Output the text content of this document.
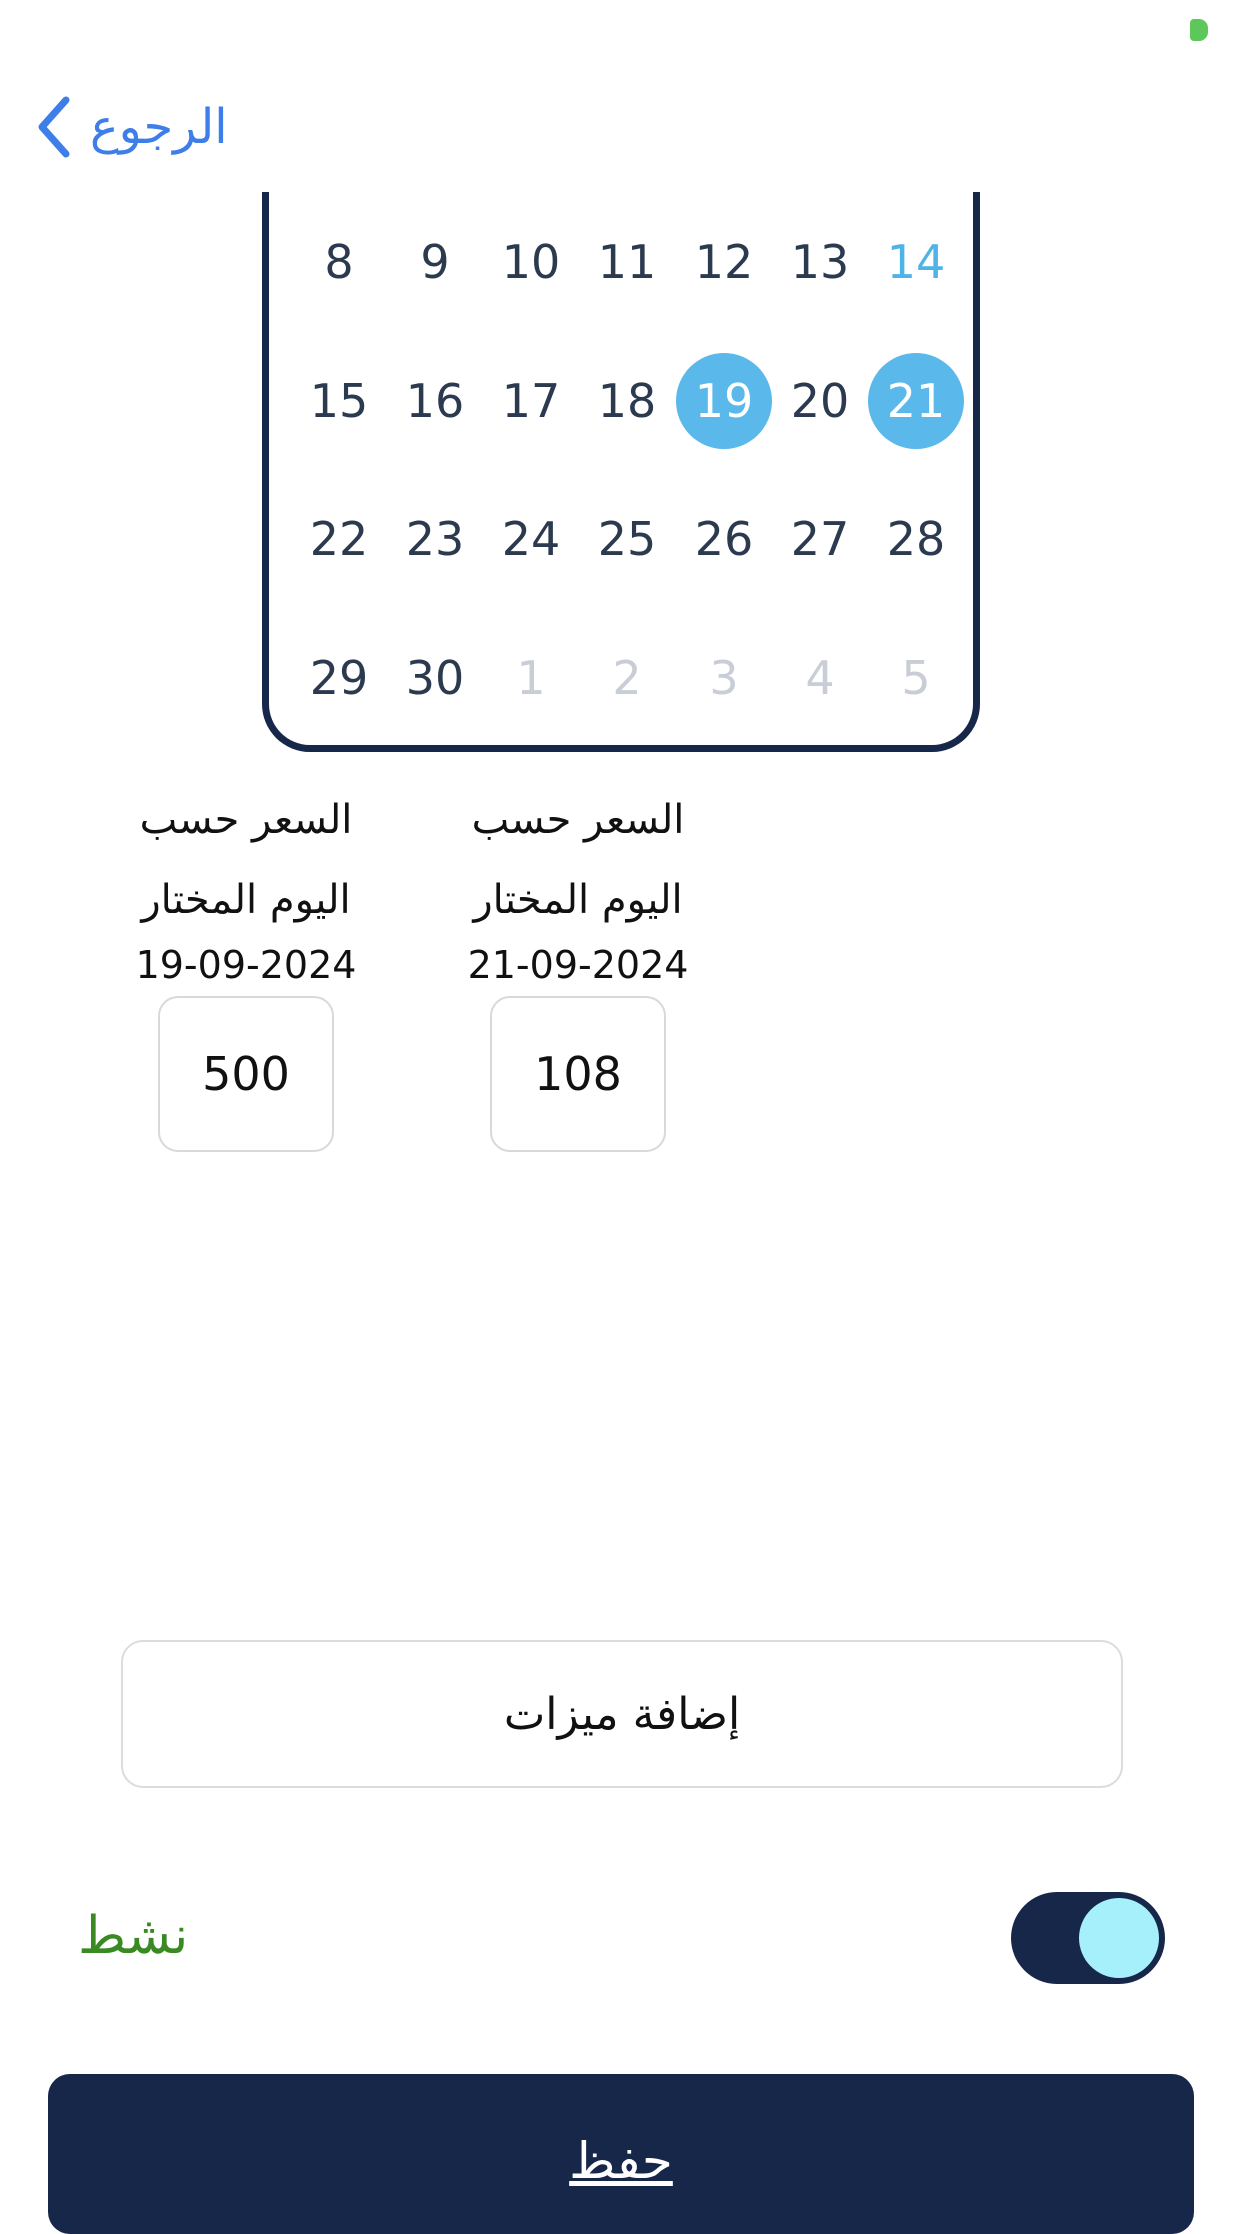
الرجوع
8	9	10 11 12 13 14
15 16 17 18 19 20 21
22 23 24 25 26 27 28
29 30	1	2	3	4	5
السعر حسب
اليوم المختار
19-09-2024
500
السعر حسب
اليوم المختار
21-09-2024
108
إضافة ميزات
نشط
حفظ
